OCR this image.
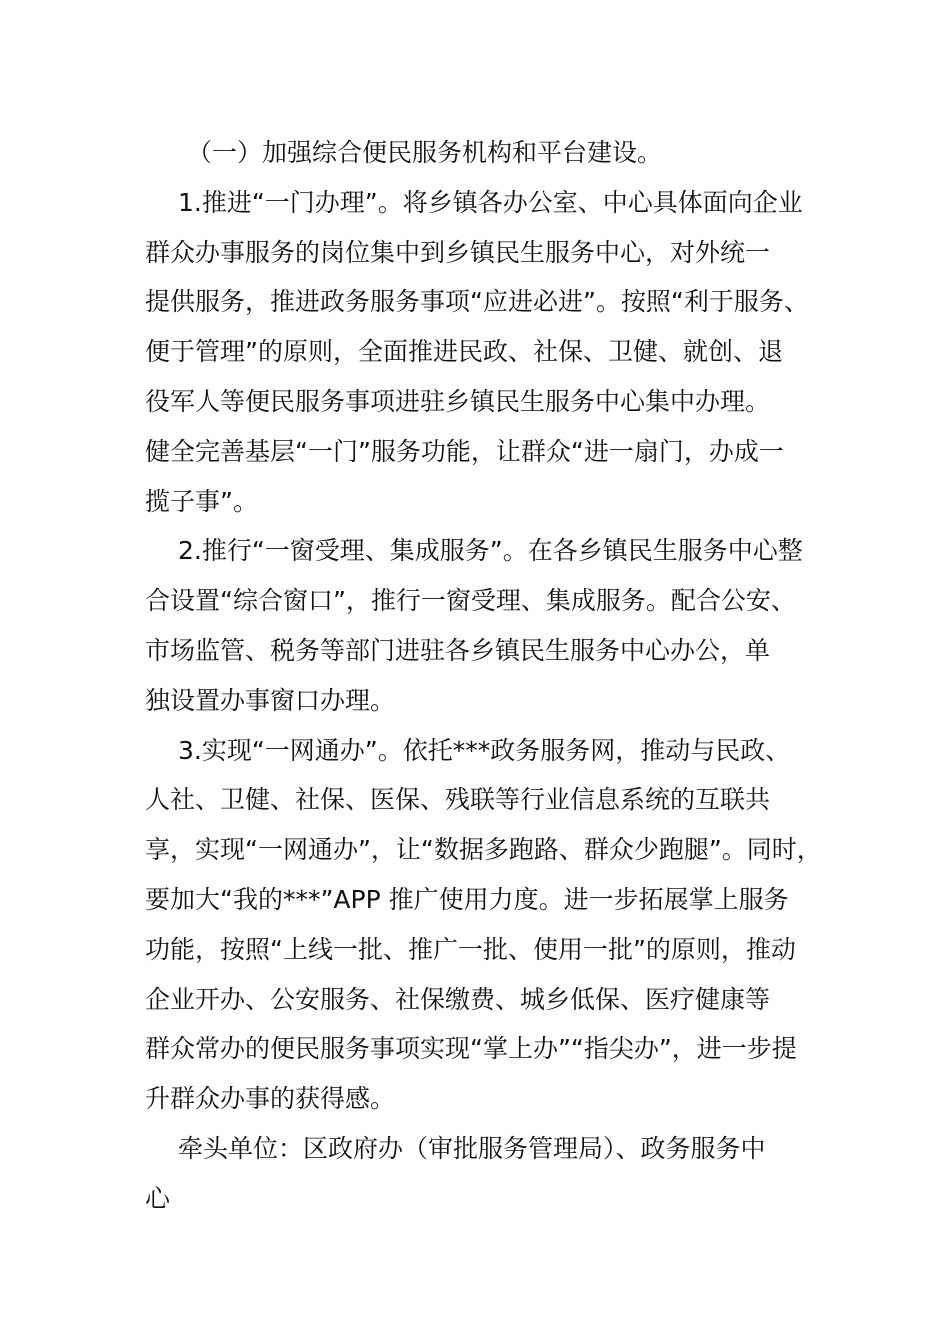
（一）加强综合便民服务机构和平台建设。
1.推进“一门办理”。将乡镇各办公室、中心具体面向企业
群众办事服务的岗位集中到乡镇民生服务中心，对外统一
提供服务，推进政务服务事项“应进必进”。按照“利于服务、
便于管理”的原则，全面推进民政、社保、卫健、就创、退
役军人等便民服务事项进驻乡镇民生服务中心集中办理。
健全完善基层“一门”服务功能，让群众“进一扇门，办成一
揽子事”。
2.推行“一窗受理、集成服务”。在各乡镇民生服务中心整
合设置“综合窗口”，推行一窗受理、集成服务。配合公安、
市场监管、税务等部门进驻各乡镇民生服务中心办公，单
独设置办事窗口办理。
3.实现“一网通办”。依托***政务服务网，推动与民政、
人社、卫健、社保、医保、残联等行业信息系统的互联共
享，实现“一网通办”，让“数据多跑路、群众少跑腿”。同时，
要加大“我的***”APP 推广使用力度。进一步拓展掌上服务
功能，按照“上线一批、推广一批、使用一批”的原则，推动
企业开办、公安服务、社保缴费、城乡低保、医疗健康等
群众常办的便民服务事项实现“掌上办”“指尖办”，进一步提
升群众办事的获得感。
牵头单位：区政府办（审批服务管理局）、政务服务中
心
